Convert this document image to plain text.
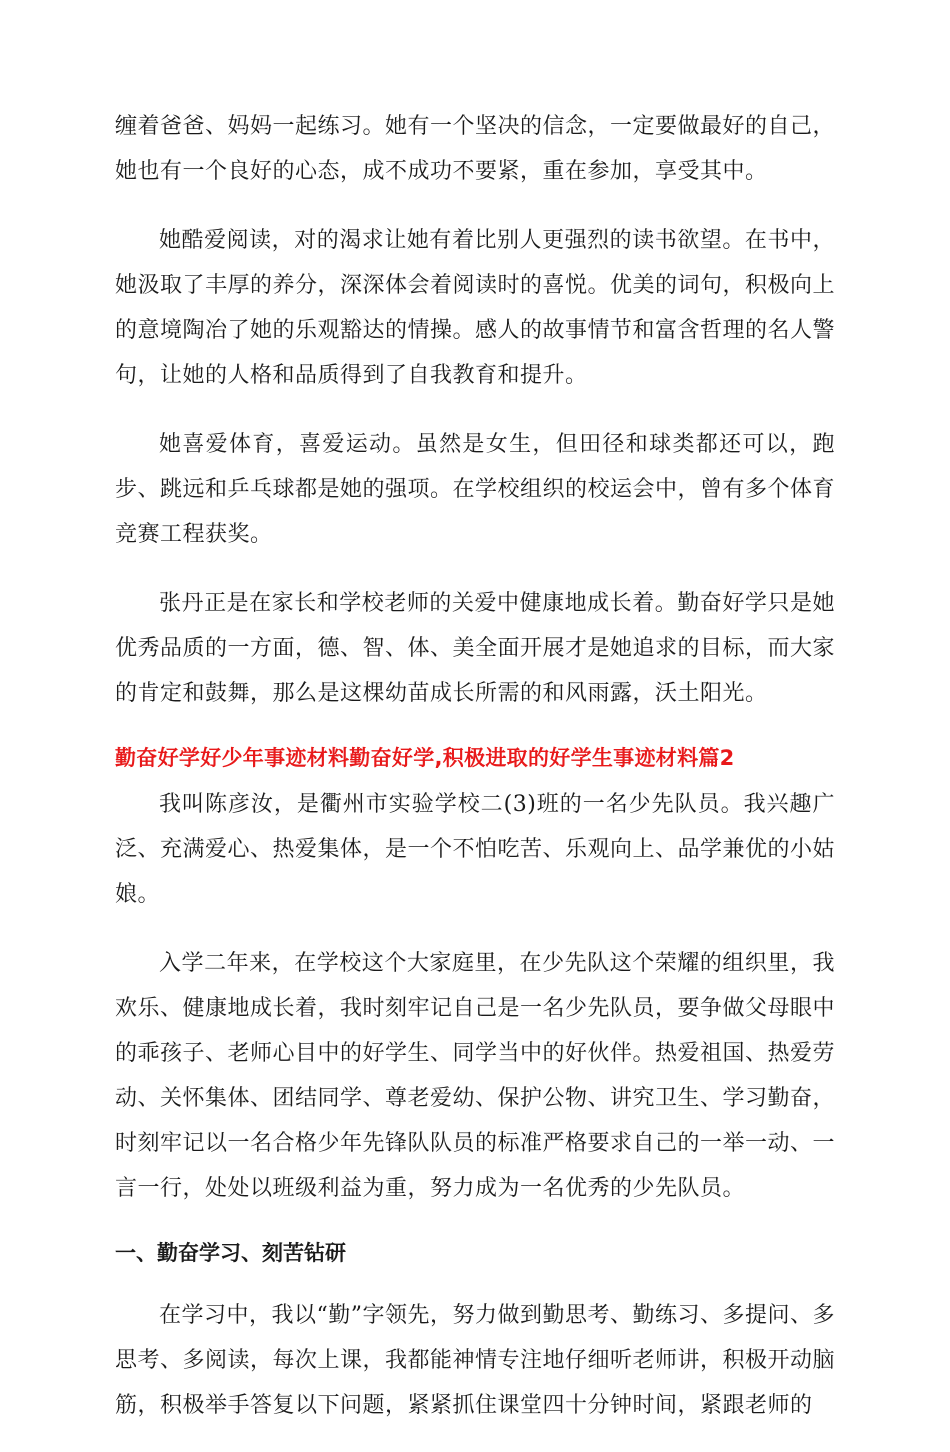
缠着爸爸、妈妈一起练习。她有一个坚决的信念，一定要做最好的自己，她也有一个良好的心态，成不成功不要紧，重在参加，享受其中。

她酷爱阅读，对的渴求让她有着比别人更强烈的读书欲望。在书中，她汲取了丰厚的养分，深深体会着阅读时的喜悦。优美的词句，积极向上的意境陶冶了她的乐观豁达的情操。感人的故事情节和富含哲理的名人警句，让她的人格和品质得到了自我教育和提升。

她喜爱体育，喜爱运动。虽然是女生，但田径和球类都还可以，跑步、跳远和乒乓球都是她的强项。在学校组织的校运会中，曾有多个体育竞赛工程获奖。

张丹正是在家长和学校老师的关爱中健康地成长着。勤奋好学只是她优秀品质的一方面，德、智、体、美全面开展才是她追求的目标，而大家的肯定和鼓舞，那么是这棵幼苗成长所需的和风雨露，沃土阳光。

勤奋好学好少年事迹材料勤奋好学,积极进取的好学生事迹材料篇2

我叫陈彦汝，是衢州市实验学校二(3)班的一名少先队员。我兴趣广泛、充满爱心、热爱集体，是一个不怕吃苦、乐观向上、品学兼优的小姑娘。

入学二年来，在学校这个大家庭里，在少先队这个荣耀的组织里，我欢乐、健康地成长着，我时刻牢记自己是一名少先队员，要争做父母眼中的乖孩子、老师心目中的好学生、同学当中的好伙伴。热爱祖国、热爱劳动、关怀集体、团结同学、尊老爱幼、保护公物、讲究卫生、学习勤奋，时刻牢记以一名合格少年先锋队队员的标准严格要求自己的一举一动、一言一行，处处以班级利益为重，努力成为一名优秀的少先队员。

一、勤奋学习、刻苦钻研

在学习中，我以“勤”字领先，努力做到勤思考、勤练习、多提问、多思考、多阅读，每次上课，我都能神情专注地仔细听老师讲，积极开动脑筋，积极举手答复以下问题，紧紧抓住课堂四十分钟时间，紧跟老师的
